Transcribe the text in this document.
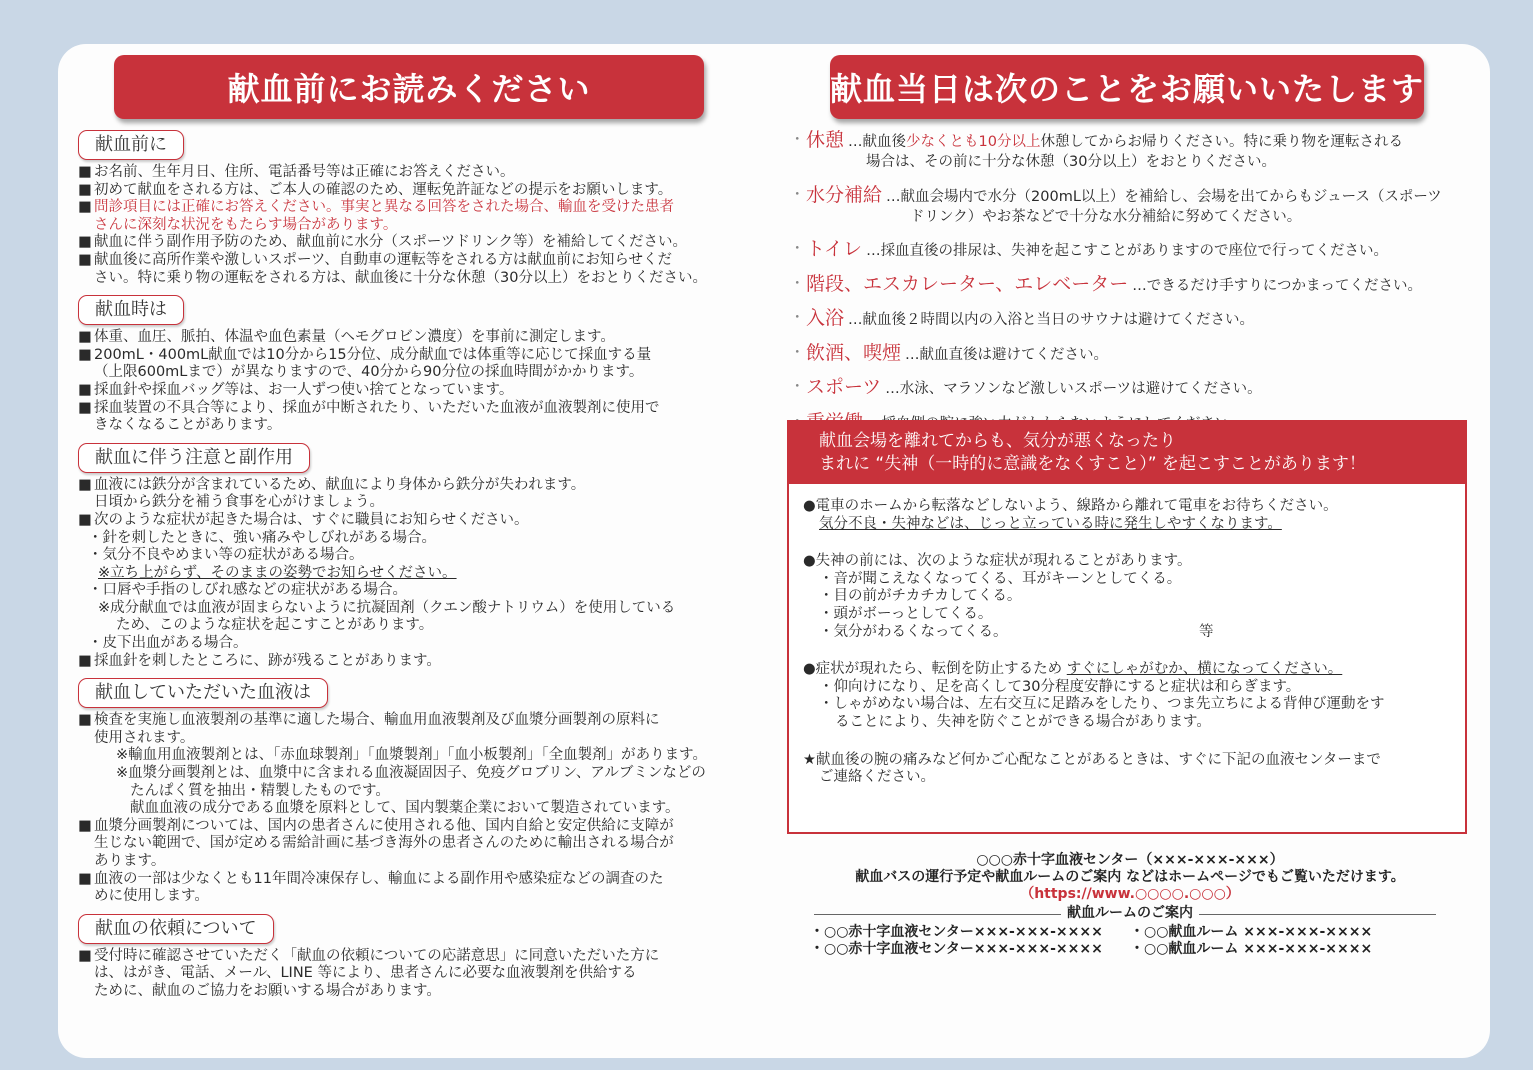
献血前にお読みください	献血当日は次のことをお願いいたします
献血前に
■ お名前、生年月日、住所、電話番号等は正確にお答えください。
■ 初めて献血をされる方は、ご本人の確認のため、運転免許証などの提示をお願いします。
■ 問診項目には正確にお答えください。事実と異なる回答をされた場合、輸血を受けた患者
さんに深刻な状況をもたらす場合があります。
■ 献血に伴う副作用予防のため、献血前に水分（スポーツドリンク等）を補給してください。
■ 献血後に高所作業や激しいスポーツ、自動車の運転等をされる方は献血前にお知らせくだ
さい。特に乗り物の運転をされる方は、献血後に十分な休憩（30分以上）をおとりください。
献血時は
■ 体重、血圧、脈拍、体温や血色素量（ヘモグロビン濃度）を事前に測定します。
■ 200mL・400mL献血では10分から15分位、成分献血では体重等に応じて採血する量
（上限600mLまで）が異なりますので、40分から90分位の採血時間がかかります。
■ 採血針や採血バッグ等は、お一人ずつ使い捨てとなっています。
■ 採血装置の不具合等により、採血が中断されたり、いただいた血液が血液製剤に使用で
きなくなることがあります。
献血に伴う注意と副作用
■ 血液には鉄分が含まれているため、献血により身体から鉄分が失われます。
日頃から鉄分を補う食事を心がけましょう。
■ 次のような症状が起きた場合は、すぐに職員にお知らせください。
・針を刺したときに、強い痛みやしびれがある場合。
・気分不良やめまい等の症状がある場合。
※立ち上がらず、そのままの姿勢でお知らせください。
・口唇や手指のしびれ感などの症状がある場合。
※成分献血では血液が固まらないように抗凝固剤（クエン酸ナトリウム）を使用している
ため、このような症状を起こすことがあります。
・皮下出血がある場合。
■ 採血針を刺したところに、跡が残ることがあります。
献血していただいた血液は
■ 検査を実施し血液製剤の基準に適した場合、輸血用血液製剤及び血漿分画製剤の原料に
使用されます。
※輸血用血液製剤とは、「赤血球製剤」「血漿製剤」「血小板製剤」「全血製剤」があります。
※血漿分画製剤とは、血漿中に含まれる血液凝固因子、免疫グロブリン、アルブミンなどの
たんぱく質を抽出・精製したものです。
献血血液の成分である血漿を原料として、国内製薬企業において製造されています。
■ 血漿分画製剤については、国内の患者さんに使用される他、国内自給と安定供給に支障が
生じない範囲で、国が定める需給計画に基づき海外の患者さんのために輸出される場合が
あります。
■ 血液の一部は少なくとも11年間冷凍保存し、輸血による副作用や感染症などの調査のた
めに使用します。
献血の依頼について
■ 受付時に確認させていただく「献血の依頼についての応諾意思」に同意いただいた方に
は、はがき、電話、メール、LINE 等により、患者さんに必要な血液製剤を供給する
ために、献血のご協力をお願いする場合があります。
・ 休憩 …献血後少なくとも10分以上休憩してからお帰りください。特に乗り物を運転される
場合は、その前に十分な休憩（30分以上）をおとりください。
・ 水分補給 …献血会場内で水分（200mL以上）を補給し、会場を出てからもジュース（スポーツ
ドリンク）やお茶などで十分な水分補給に努めてください。
・ トイレ …採血直後の排尿は、失神を起こすことがありますので座位で行ってください。
・ 階段、エスカレーター、エレベーター …できるだけ手すりにつかまってください。
・ 入浴 …献血後２時間以内の入浴と当日のサウナは避けてください。
・ 飲酒、喫煙 …献血直後は避けてください。
・ スポーツ …水泳、マラソンなど激しいスポーツは避けてください。
献血会場を離れてからも、気分が悪くなったり
まれに “失神（一時的に意識をなくすこと）” を起こすことがあります！
●電車のホームから転落などしないよう、線路から離れて電車をお待ちください。
気分不良・失神などは、じっと立っている時に発生しやすくなります。
●失神の前には、次のような症状が現れることがあります。
・音が聞こえなくなってくる、耳がキーンとしてくる。
・目の前がチカチカしてくる。
・頭がボーっとしてくる。
・気分がわるくなってくる。	等
●症状が現れたら、転倒を防止するため すぐにしゃがむか、横になってください。
・仰向けになり、足を高くして30分程度安静にすると症状は和らぎます。
・しゃがめない場合は、左右交互に足踏みをしたり、つま先立ちによる背伸び運動をす
ることにより、失神を防ぐことができる場合があります。
★献血後の腕の痛みなど何かご心配なことがあるときは、すぐに下記の血液センターまで
ご連絡ください。
○○○赤十字血液センター（×××-×××-×××）
献血バスの運行予定や献血ルームのご案内 などはホームページでもご覧いただけます。
（https://www.○○○○.○○○）
献血ルームのご案内
・○○赤十字血液センター×××-×××-××××	・○○献血ルーム ×××-×××-××××
・○○赤十字血液センター×××-×××-××××	・○○献血ルーム ×××-×××-××××
